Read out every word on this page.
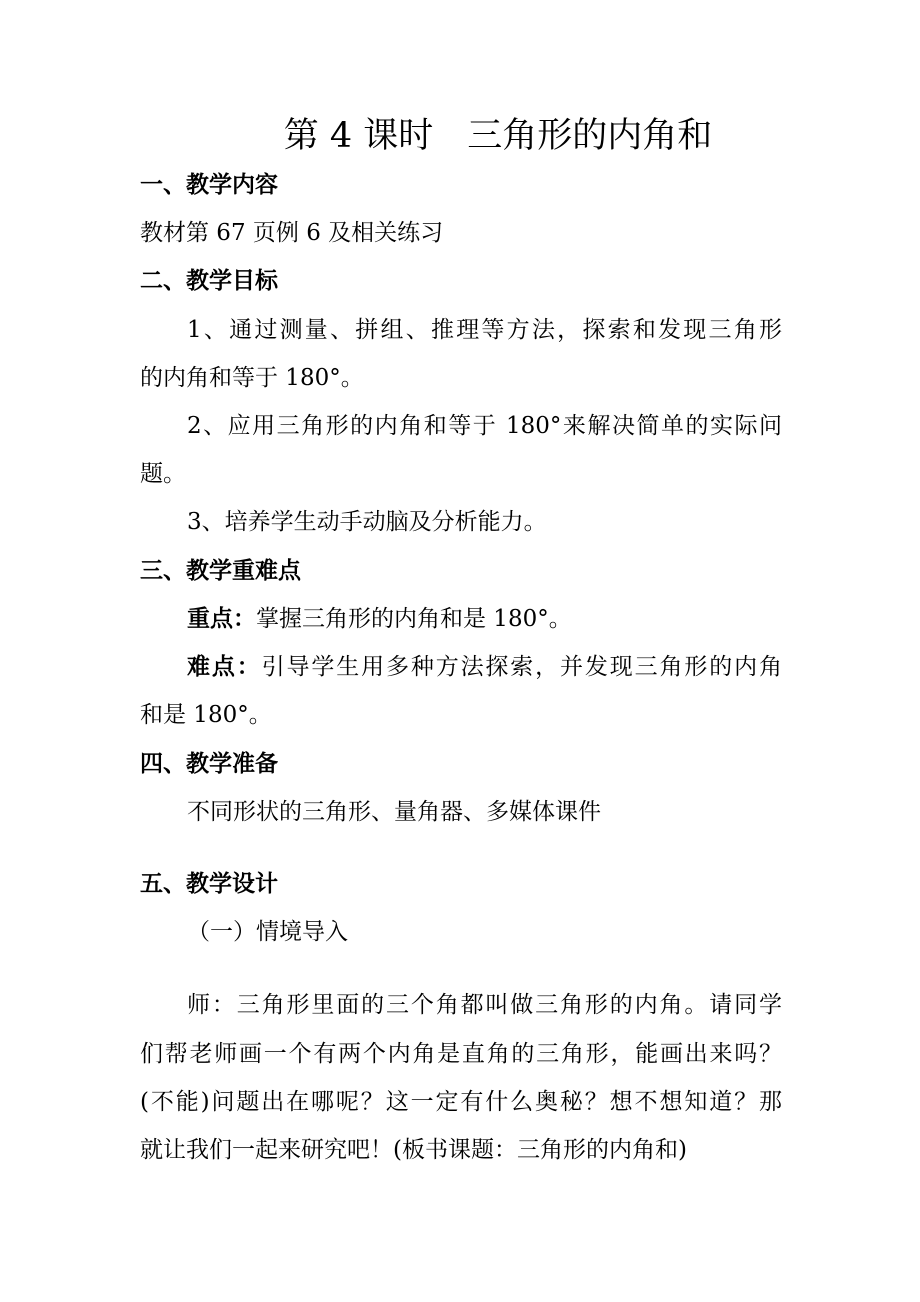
第 4 课时 三角形的内角和
一、教学内容
教材第 67 页例 6 及相关练习
二、教学目标
1、通过测量、拼组、推理等方法，探索和发现三角形
的内角和等于 180°。
2、应用三角形的内角和等于 180°来解决简单的实际问
题。
3、培养学生动手动脑及分析能力。
三、教学重难点
重点：掌握三角形的内角和是 180°。
难点：引导学生用多种方法探索，并发现三角形的内角
和是 180°。
四、教学准备
不同形状的三角形、量角器、多媒体课件
五、教学设计
（一）情境导入
师：三角形里面的三个角都叫做三角形的内角。请同学
们帮老师画一个有两个内角是直角的三角形，能画出来吗？
(不能)问题出在哪呢？这一定有什么奥秘？想不想知道？那
就让我们一起来研究吧！(板书课题：三角形的内角和)
